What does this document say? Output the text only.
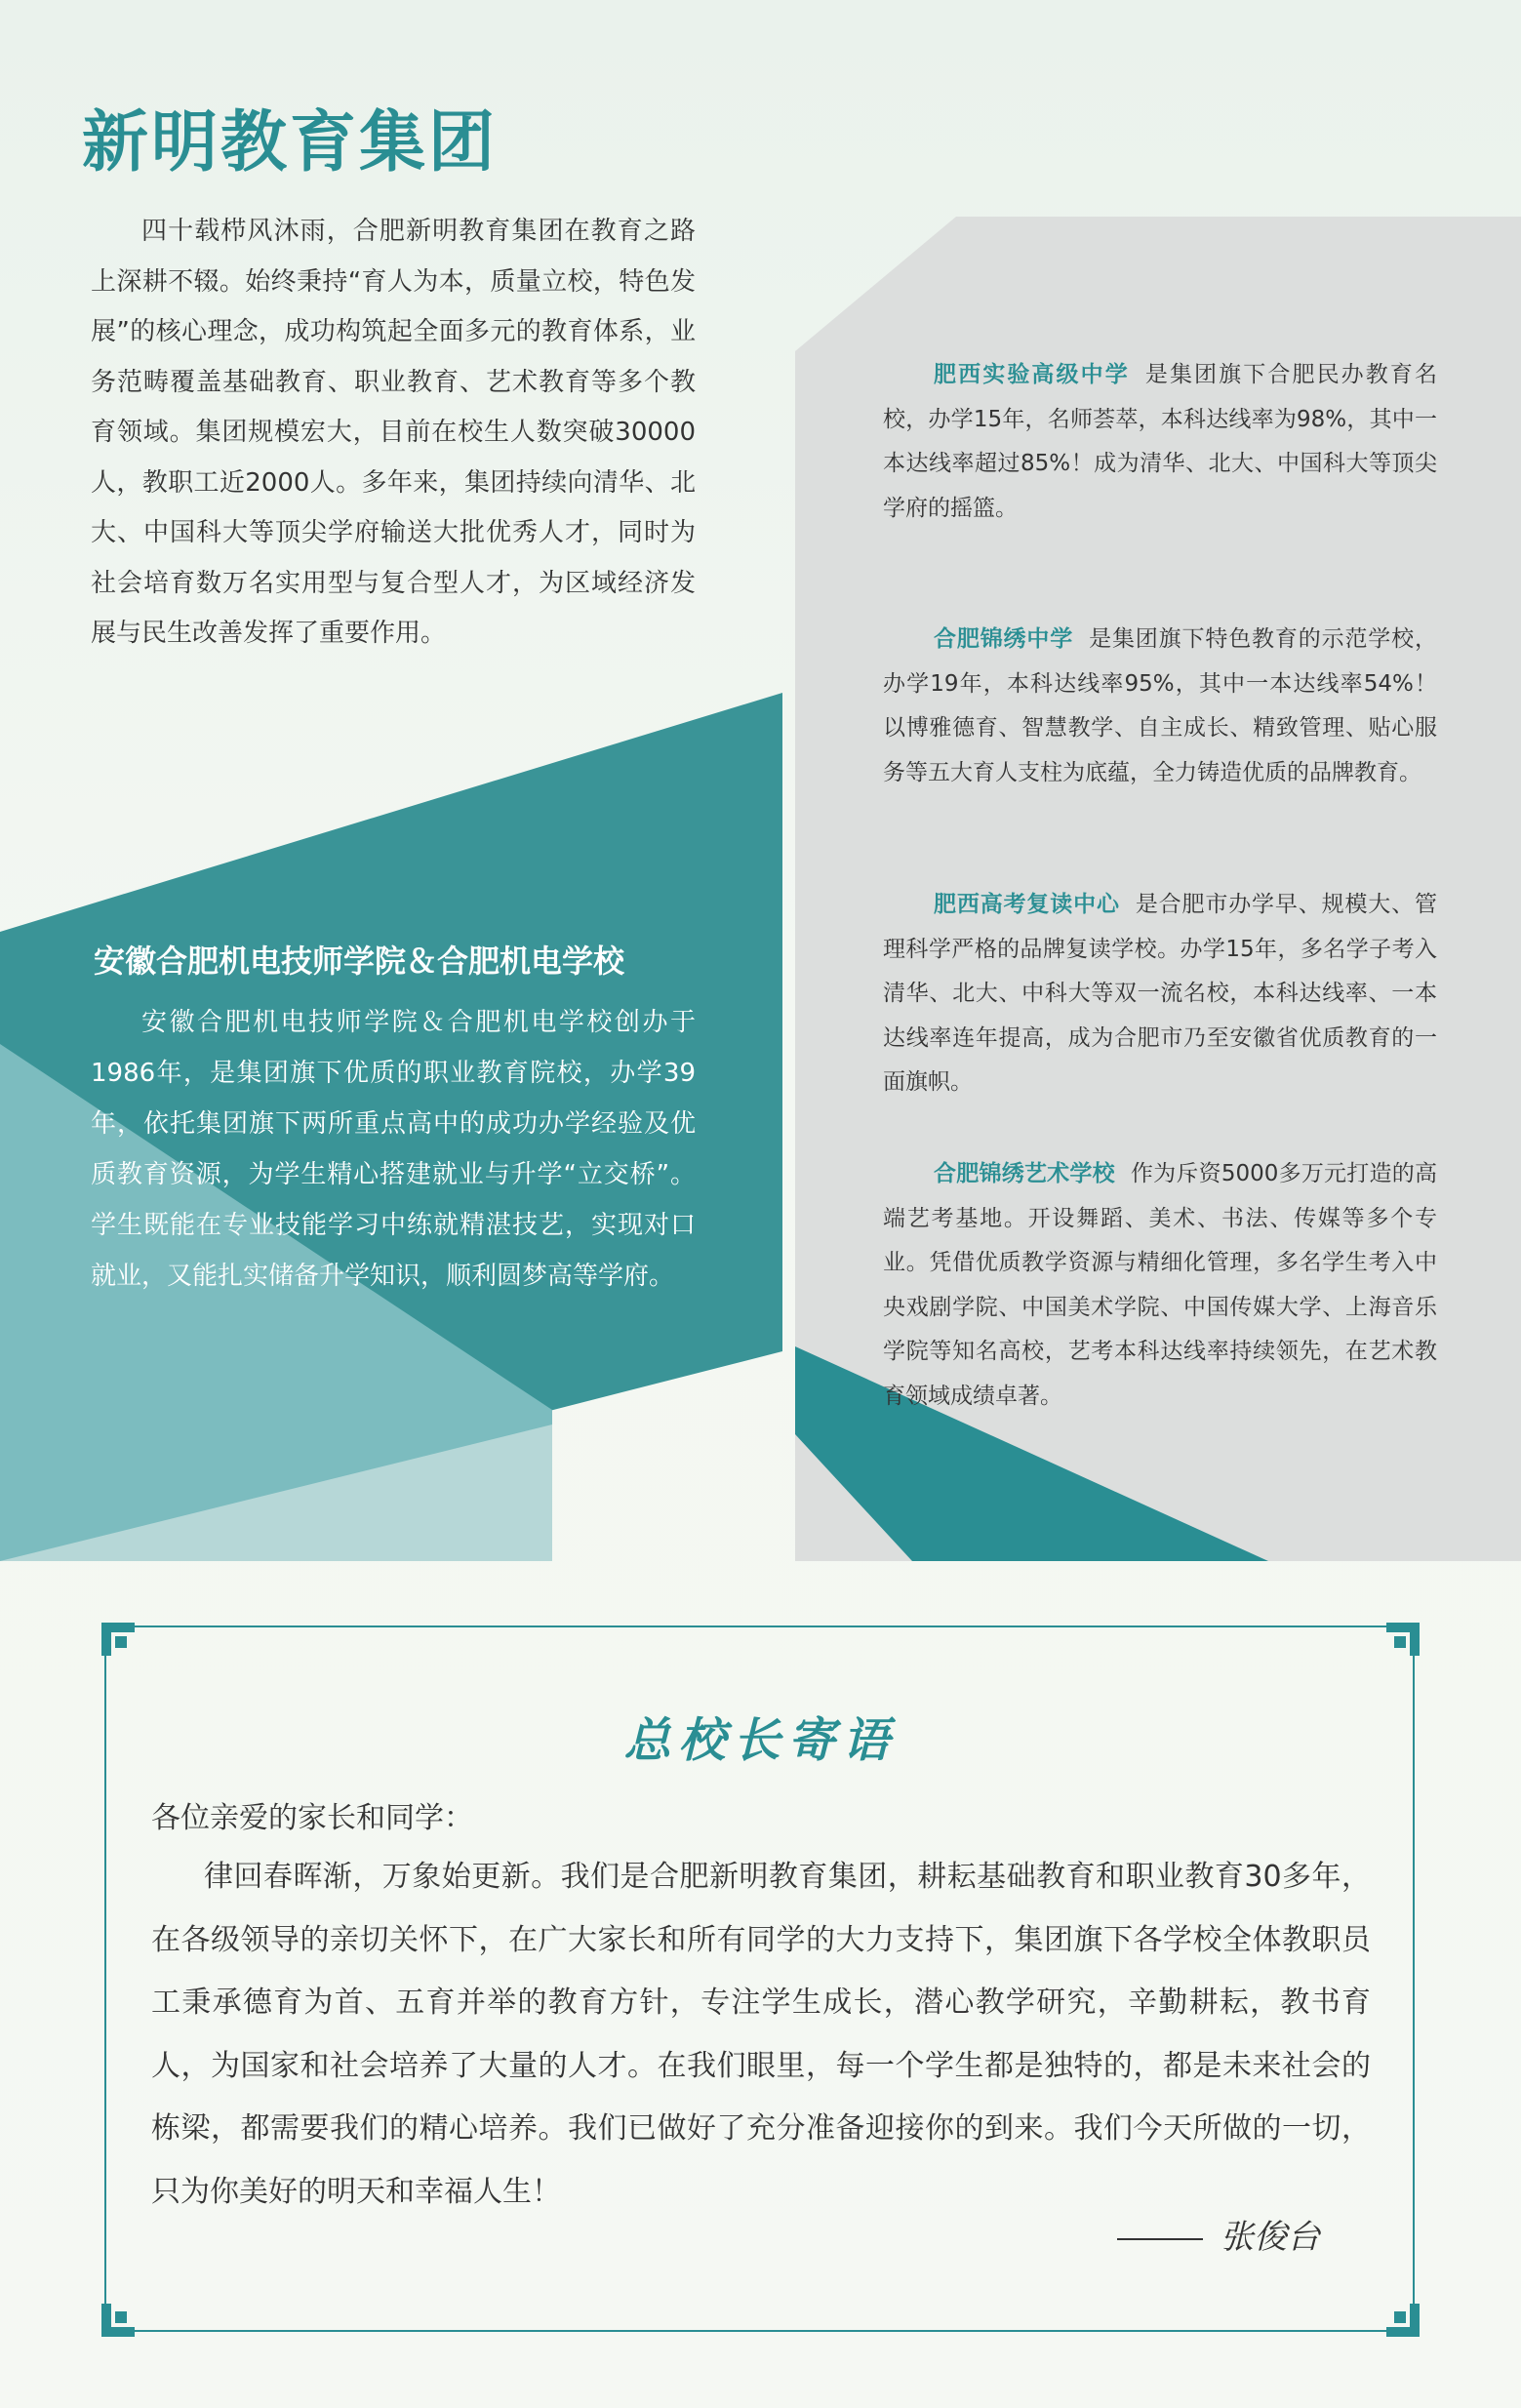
新明教育集团

四十载栉风沐雨，合肥新明教育集团在教育之路上深耕不辍。始终秉持“育人为本，质量立校，特色发展”的核心理念，成功构筑起全面多元的教育体系，业务范畴覆盖基础教育、职业教育、艺术教育等多个教育领域。集团规模宏大，目前在校生人数突破30000人，教职工近2000人。多年来，集团持续向清华、北大、中国科大等顶尖学府输送大批优秀人才，同时为社会培育数万名实用型与复合型人才，为区域经济发展与民生改善发挥了重要作用。

安徽合肥机电技师学院＆合肥机电学校

安徽合肥机电技师学院＆合肥机电学校创办于1986年，是集团旗下优质的职业教育院校，办学39年，依托集团旗下两所重点高中的成功办学经验及优质教育资源，为学生精心搭建就业与升学“立交桥”。学生既能在专业技能学习中练就精湛技艺，实现对口就业，又能扎实储备升学知识，顺利圆梦高等学府。

肥西实验高级中学 是集团旗下合肥民办教育名校，办学15年，名师荟萃，本科达线率为98%，其中一本达线率超过85%！成为清华、北大、中国科大等顶尖学府的摇篮。

合肥锦绣中学 是集团旗下特色教育的示范学校，办学19年，本科达线率95%，其中一本达线率54%！以博雅德育、智慧教学、自主成长、精致管理、贴心服务等五大育人支柱为底蕴，全力铸造优质的品牌教育。

肥西高考复读中心 是合肥市办学早、规模大、管理科学严格的品牌复读学校。办学15年，多名学子考入清华、北大、中科大等双一流名校，本科达线率、一本达线率连年提高，成为合肥市乃至安徽省优质教育的一面旗帜。

合肥锦绣艺术学校 作为斥资5000多万元打造的高端艺考基地。开设舞蹈、美术、书法、传媒等多个专业。凭借优质教学资源与精细化管理，多名学生考入中央戏剧学院、中国美术学院、中国传媒大学、上海音乐学院等知名高校，艺考本科达线率持续领先，在艺术教育领域成绩卓著。

总校长寄语
各位亲爱的家长和同学：

律回春晖渐，万象始更新。我们是合肥新明教育集团，耕耘基础教育和职业教育30多年，在各级领导的亲切关怀下，在广大家长和所有同学的大力支持下，集团旗下各学校全体教职员工秉承德育为首、五育并举的教育方针，专注学生成长，潜心教学研究，辛勤耕耘，教书育人，为国家和社会培养了大量的人才。在我们眼里，每一个学生都是独特的，都是未来社会的栋梁，都需要我们的精心培养。我们已做好了充分准备迎接你的到来。我们今天所做的一切，只为你美好的明天和幸福人生！

张俊台
